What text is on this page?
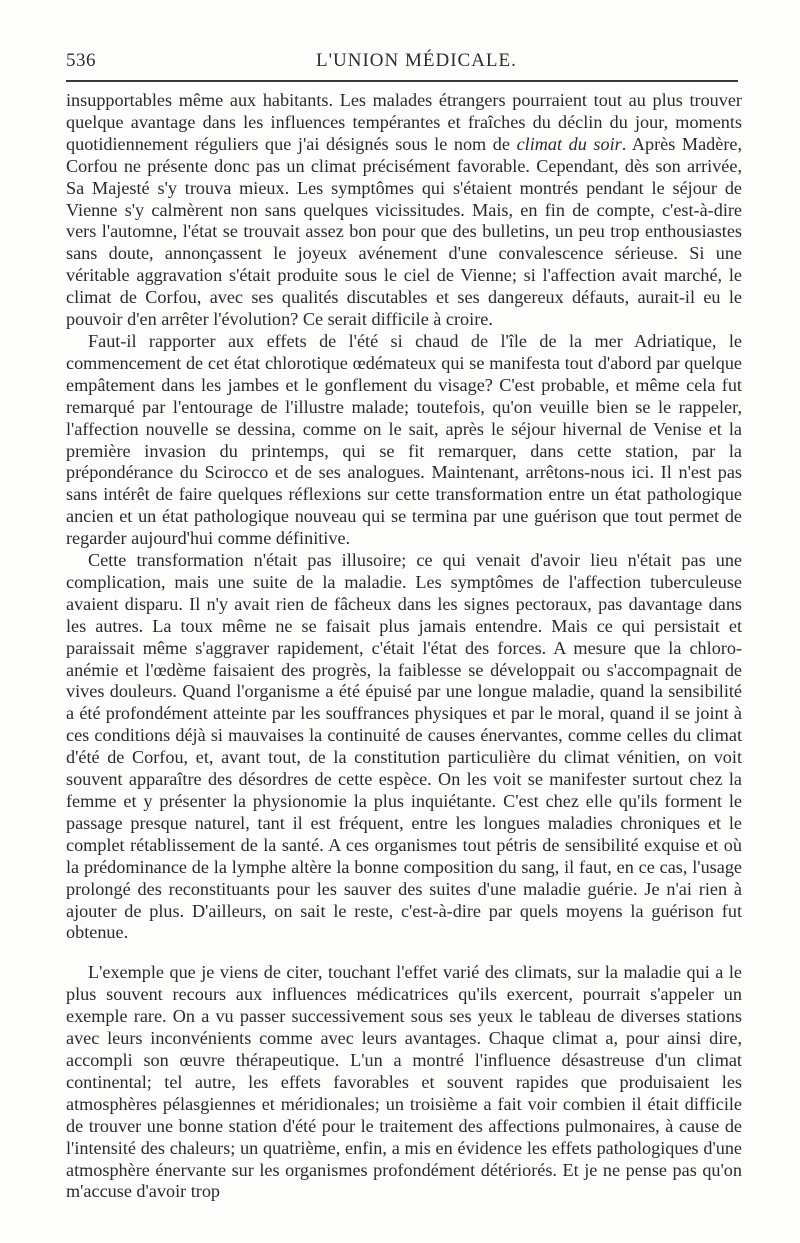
536	L'UNION MÉDICALE.

insupportables même aux habitants. Les malades étrangers pourraient tout au plus trouver quelque avantage dans les influences tempérantes et fraîches du déclin du jour, moments quotidiennement réguliers que j'ai désignés sous le nom de climat du soir. Après Madère, Corfou ne présente donc pas un climat précisément favorable. Cependant, dès son arrivée, Sa Majesté s'y trouva mieux. Les symptômes qui s'étaient montrés pendant le séjour de Vienne s'y calmèrent non sans quelques vicissitudes. Mais, en fin de compte, c'est-à-dire vers l'automne, l'état se trouvait assez bon pour que des bulletins, un peu trop enthousiastes sans doute, annonçassent le joyeux avénement d'une convalescence sérieuse. Si une véritable aggravation s'était produite sous le ciel de Vienne; si l'affection avait marché, le climat de Corfou, avec ses qualités discutables et ses dangereux défauts, aurait-il eu le pouvoir d'en arrêter l'évolution? Ce serait difficile à croire.

Faut-il rapporter aux effets de l'été si chaud de l'île de la mer Adriatique, le commencement de cet état chlorotique œdémateux qui se manifesta tout d'abord par quelque empâtement dans les jambes et le gonflement du visage? C'est probable, et même cela fut remarqué par l'entourage de l'illustre malade; toutefois, qu'on veuille bien se le rappeler, l'affection nouvelle se dessina, comme on le sait, après le séjour hivernal de Venise et la première invasion du printemps, qui se fit remarquer, dans cette station, par la prépondérance du Scirocco et de ses analogues. Maintenant, arrêtons-nous ici. Il n'est pas sans intérêt de faire quelques réflexions sur cette transformation entre un état pathologique ancien et un état pathologique nouveau qui se termina par une guérison que tout permet de regarder aujourd'hui comme définitive.

Cette transformation n'était pas illusoire; ce qui venait d'avoir lieu n'était pas une complication, mais une suite de la maladie. Les symptômes de l'affection tuberculeuse avaient disparu. Il n'y avait rien de fâcheux dans les signes pectoraux, pas davantage dans les autres. La toux même ne se faisait plus jamais entendre. Mais ce qui persistait et paraissait même s'aggraver rapidement, c'était l'état des forces. A mesure que la chloro-anémie et l'œdème faisaient des progrès, la faiblesse se développait ou s'accompagnait de vives douleurs. Quand l'organisme a été épuisé par une longue maladie, quand la sensibilité a été profondément atteinte par les souffrances physiques et par le moral, quand il se joint à ces conditions déjà si mauvaises la continuité de causes énervantes, comme celles du climat d'été de Corfou, et, avant tout, de la constitution particulière du climat vénitien, on voit souvent apparaître des désordres de cette espèce. On les voit se manifester surtout chez la femme et y présenter la physionomie la plus inquiétante. C'est chez elle qu'ils forment le passage presque naturel, tant il est fréquent, entre les longues maladies chroniques et le complet rétablissement de la santé. A ces organismes tout pétris de sensibilité exquise et où la prédominance de la lymphe altère la bonne composition du sang, il faut, en ce cas, l'usage prolongé des reconstituants pour les sauver des suites d'une maladie guérie. Je n'ai rien à ajouter de plus. D'ailleurs, on sait le reste, c'est-à-dire par quels moyens la guérison fut obtenue.

L'exemple que je viens de citer, touchant l'effet varié des climats, sur la maladie qui a le plus souvent recours aux influences médicatrices qu'ils exercent, pourrait s'appeler un exemple rare. On a vu passer successivement sous ses yeux le tableau de diverses stations avec leurs inconvénients comme avec leurs avantages. Chaque climat a, pour ainsi dire, accompli son œuvre thérapeutique. L'un a montré l'influence désastreuse d'un climat continental; tel autre, les effets favorables et souvent rapides que produisaient les atmosphères pélasgiennes et méridionales; un troisième a fait voir combien il était difficile de trouver une bonne station d'été pour le traitement des affections pulmonaires, à cause de l'intensité des chaleurs; un quatrième, enfin, a mis en évidence les effets pathologiques d'une atmosphère énervante sur les organismes profondément détériorés. Et je ne pense pas qu'on m'accuse d'avoir trop
